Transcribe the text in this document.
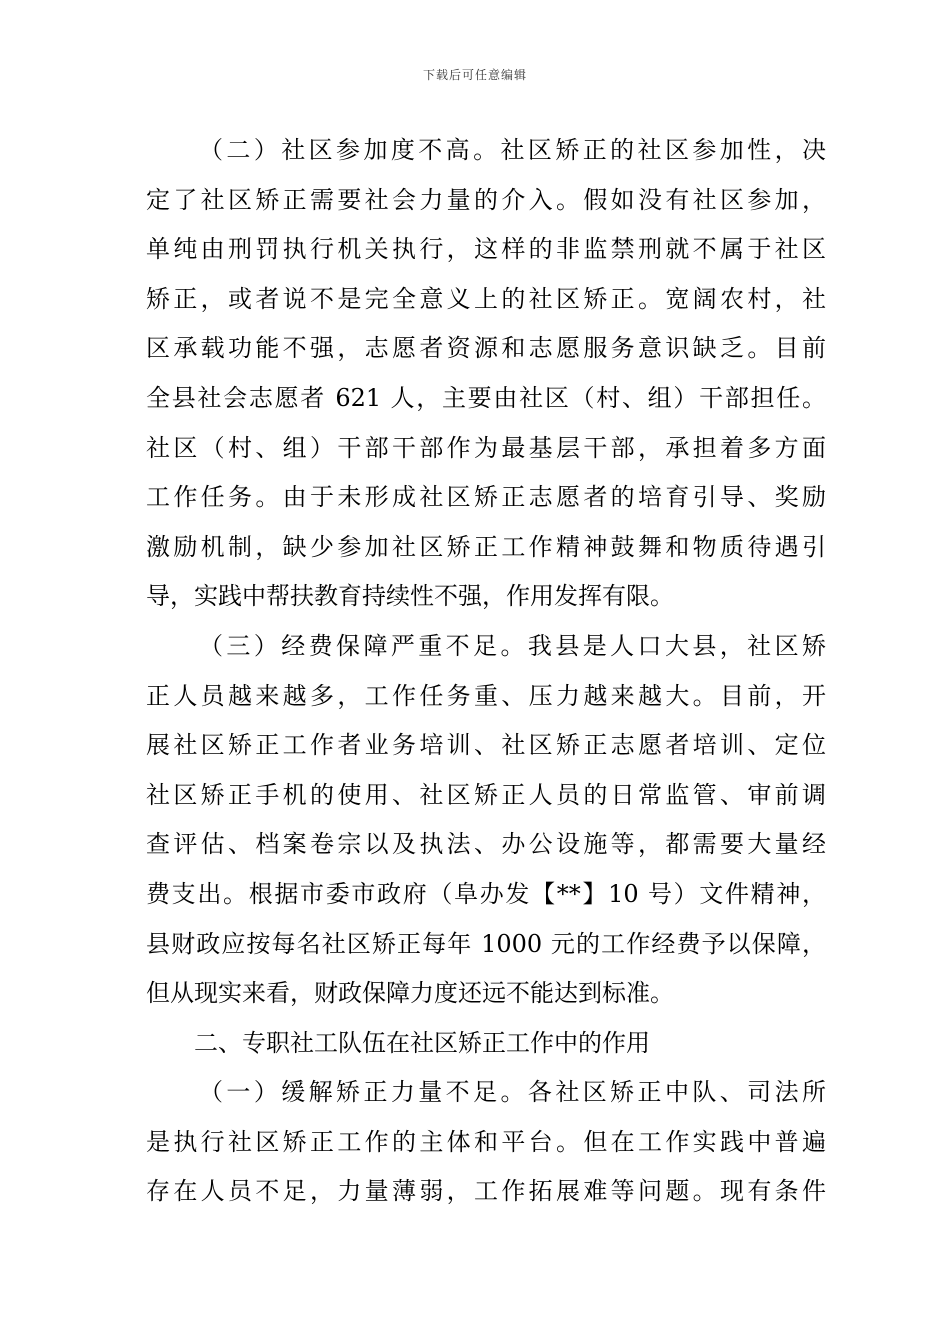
下载后可任意编辑
（二）社区参加度不高。社区矫正的社区参加性，决
定了社区矫正需要社会力量的介入。假如没有社区参加，
单纯由刑罚执行机关执行，这样的非监禁刑就不属于社区
矫正，或者说不是完全意义上的社区矫正。宽阔农村，社
区承载功能不强，志愿者资源和志愿服务意识缺乏。目前
全县社会志愿者 621 人，主要由社区（村、组）干部担任。
社区（村、组）干部干部作为最基层干部，承担着多方面
工作任务。由于未形成社区矫正志愿者的培育引导、奖励
激励机制，缺少参加社区矫正工作精神鼓舞和物质待遇引
导，实践中帮扶教育持续性不强，作用发挥有限。
（三）经费保障严重不足。我县是人口大县，社区矫
正人员越来越多，工作任务重、压力越来越大。目前，开
展社区矫正工作者业务培训、社区矫正志愿者培训、定位
社区矫正手机的使用、社区矫正人员的日常监管、审前调
查评估、档案卷宗以及执法、办公设施等，都需要大量经
费支出。根据市委市政府（阜办发【**】10 号）文件精神，
县财政应按每名社区矫正每年 1000 元的工作经费予以保障，
但从现实来看，财政保障力度还远不能达到标准。
二、专职社工队伍在社区矫正工作中的作用
（一）缓解矫正力量不足。各社区矫正中队、司法所
是执行社区矫正工作的主体和平台。但在工作实践中普遍
存在人员不足，力量薄弱，工作拓展难等问题。现有条件
